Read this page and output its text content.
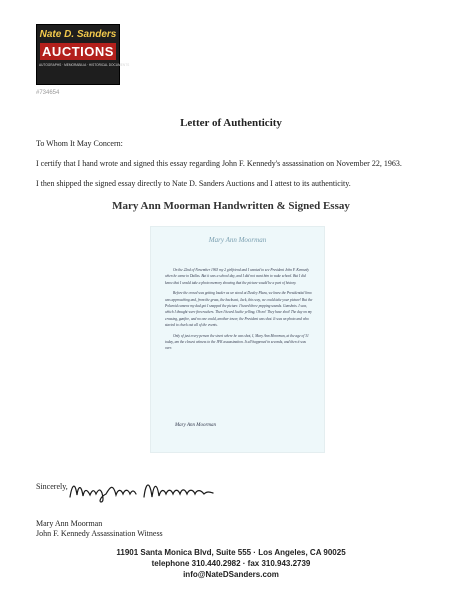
Nate D. Sanders
AUCTIONS
AUTOGRAPHS · MEMORABILIA · HISTORICAL DOCUMENTS
#734654
Letter of Authenticity
To Whom It May Concern:
I certify that I hand wrote and signed this essay regarding John F. Kennedy's assassination on November 22, 1963.
I then shipped the signed essay directly to Nate D. Sanders Auctions and I attest to its authenticity.
Mary Ann Moorman Handwritten & Signed Essay
Mary Ann Moorman

On the 22nd of November 1963 my 2 girlfriend and I wanted to see President John F. Kennedy when he came to Dallas. But it was a school day, and I did not want him to wake school. But I did know that I would take a photo memory showing that the picture would be a part of history.

Before the crowd was getting louder as we stood at Dealey Plaza, we knew the Presidential limo was approaching and, from the grass, the backseat, Jack, this way, we could take your picture! But the Polaroid camera my dad got I snapped the picture. I heard three popping sounds. Gunshots. I saw, which I thought were firecrackers. Then I heard Jackie yelling, Oh no! They have shot! The day on my crossing, gunfire, and no one could, another tower, the President was shot. It was on photo and who started to check out all of the events.

Only of just every person the street where he was shot, I, Mary Ann Moorman, at the age of 31 today, am the closest witness to the JFK assassination. It all happened in seconds, and then it was over.

Mary Ann Moorman
Sincerely,
Mary Ann Moorman
John F. Kennedy Assassination Witness
11901 Santa Monica Blvd, Suite 555 · Los Angeles, CA 90025
telephone 310.440.2982 · fax 310.943.2739
info@NateDSanders.com
